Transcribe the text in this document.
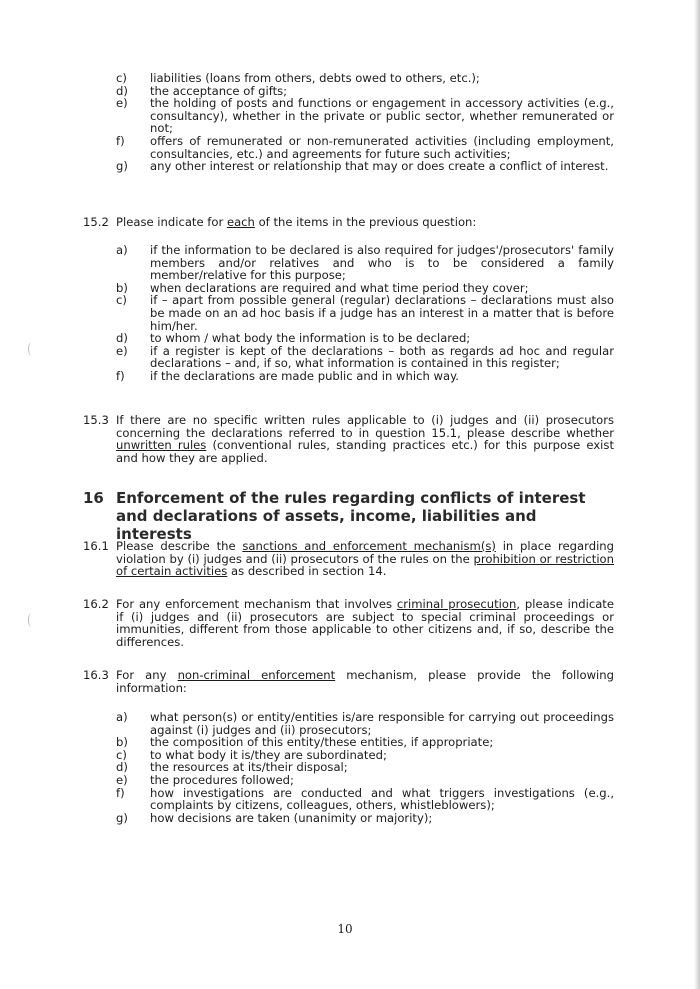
c)	liabilities (loans from others, debts owed to others, etc.);
d)	the acceptance of gifts;
e)	the holding of posts and functions or engagement in accessory activities (e.g., consultancy), whether in the private or public sector, whether remunerated or not;
f)	offers of remunerated or non-remunerated activities (including employment, consultancies, etc.) and agreements for future such activities;
g)	any other interest or relationship that may or does create a conflict of interest.
15.2 Please indicate for each of the items in the previous question:
a)	if the information to be declared is also required for judges'/prosecutors' family members and/or relatives and who is to be considered a family member/relative for this purpose;
b)	when declarations are required and what time period they cover;
c)	if – apart from possible general (regular) declarations – declarations must also be made on an ad hoc basis if a judge has an interest in a matter that is before him/her.
d)	to whom / what body the information is to be declared;
e)	if a register is kept of the declarations – both as regards ad hoc and regular declarations – and, if so, what information is contained in this register;
f)	if the declarations are made public and in which way.
15.3 If there are no specific written rules applicable to (i) judges and (ii) prosecutors concerning the declarations referred to in question 15.1, please describe whether unwritten rules (conventional rules, standing practices etc.) for this purpose exist and how they are applied.
16 Enforcement of the rules regarding conflicts of interest and declarations of assets, income, liabilities and interests
16.1 Please describe the sanctions and enforcement mechanism(s) in place regarding violation by (i) judges and (ii) prosecutors of the rules on the prohibition or restriction of certain activities as described in section 14.
16.2 For any enforcement mechanism that involves criminal prosecution, please indicate if (i) judges and (ii) prosecutors are subject to special criminal proceedings or immunities, different from those applicable to other citizens and, if so, describe the differences.
16.3 For any non-criminal enforcement mechanism, please provide the following information:
a)	what person(s) or entity/entities is/are responsible for carrying out proceedings against (i) judges and (ii) prosecutors;
b)	the composition of this entity/these entities, if appropriate;
c)	to what body it is/they are subordinated;
d)	the resources at its/their disposal;
e)	the procedures followed;
f)	how investigations are conducted and what triggers investigations (e.g., complaints by citizens, colleagues, others, whistleblowers);
g)	how decisions are taken (unanimity or majority);
10
